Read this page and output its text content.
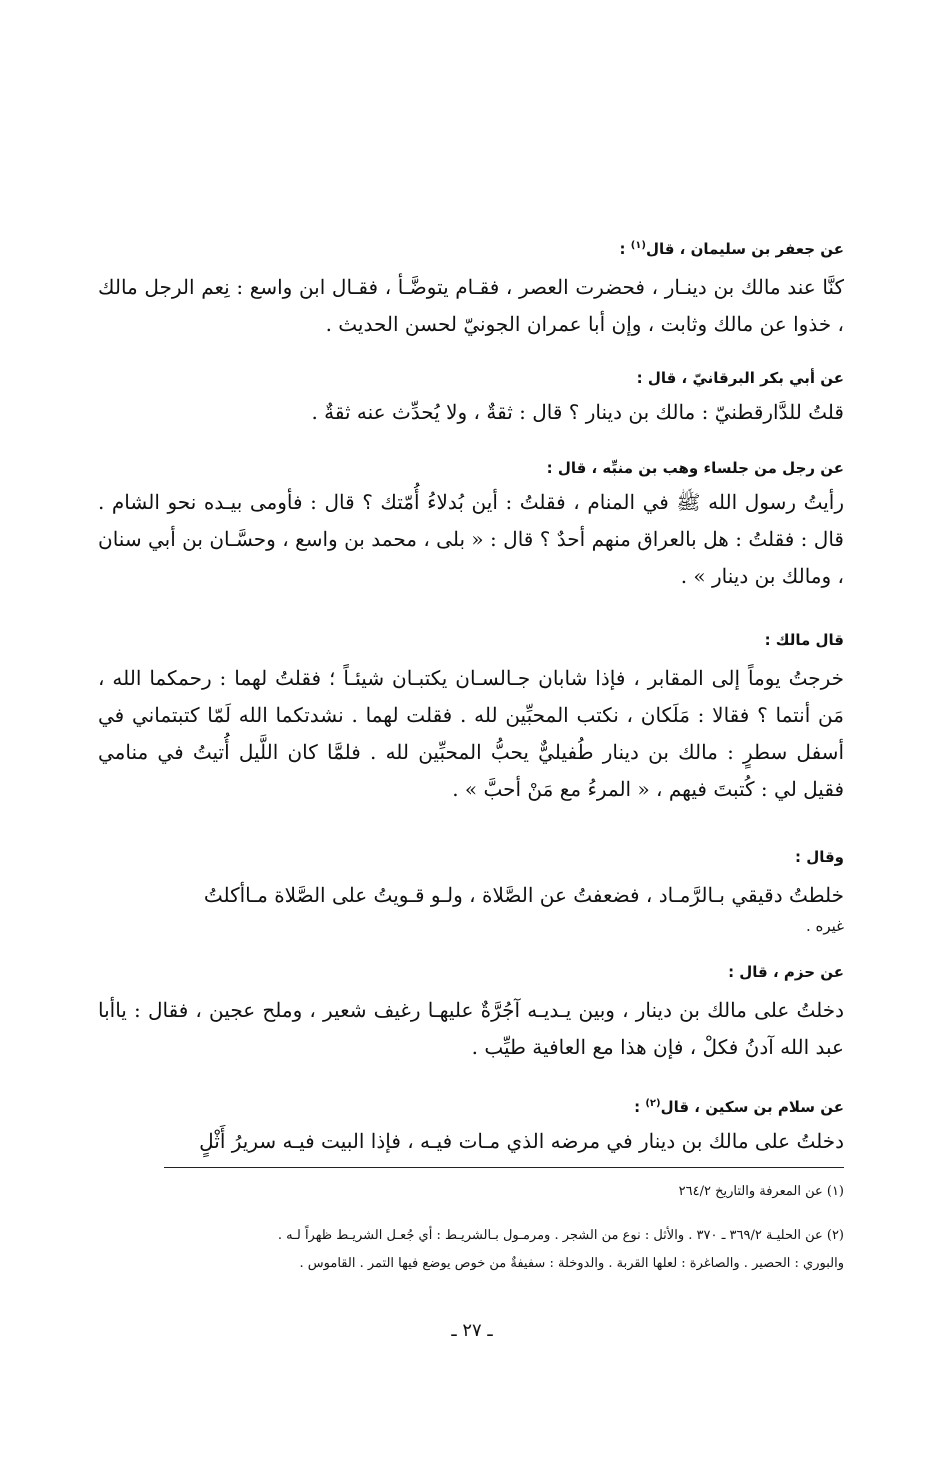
عن جعفر بن سليمان ، قال$^{(١)}$ :
كنَّا عند مالك بن دينـار ، فحضرت العصر ، فقـام يتوضَّـأ ، فقـال ابن واسع : نِعم الرجل مالك ، خذوا عن مالك وثابت ، وإن أبا عمران الجونيّ لحسن الحديث .
عن أبي بكر البرقانيّ ، قال :
قلتُ للدَّارقطنيّ : مالك بن دينار ؟ قال : ثقةٌ ، ولا يُحدِّث عنه ثقةٌ .
عن رجل من جلساء وهب بن منبِّه ، قال :
رأيتُ رسول الله ﷺ في المنام ، فقلتُ : أين بُدلاءُ أُمّتك ؟ قال : فأومى بيـده نحو الشام . قال : فقلتُ : هل بالعراق منهم أحدٌ ؟ قال : « بلى ، محمد بن واسع ، وحسَّـان بن أبي سنان ، ومالك بن دينار » .
قال مالك :
خرجتُ يوماً إلى المقابر ، فإذا شابان جـالسـان يكتبـان شيئـاً ؛ فقلتُ لهما : رحمكما الله ، مَن أنتما ؟ فقالا : مَلَكان ، نكتب المحبِّين لله . فقلت لهما . نشدتكما الله لَمّا كتبتماني في أسفل سطرٍ : مالك بن دينار طُفيليٌّ يحبُّ المحبِّين لله . فلمَّا كان اللَّيل أُتيتُ في منامي فقيل لي : كُتبتَ فيهم ، « المرءُ مع مَنْ أحبَّ » .
وقال :
خلطتُ دقيقي بـالرَّمـاد ، فضعفتُ عن الصَّلاة ، ولـو قـويتُ على الصَّلاة مـاأكلتُ
غيره .
عن حزم ، قال :
دخلتُ على مالك بن دينار ، وبين يـديـه آجُرَّةٌ عليهـا رغيف شعير ، وملح عجين ، فقال : ياأبا عبد الله آدنُ فكلْ ، فإن هذا مع العافية طيِّب .
عن سلام بن سكين ، قال$^{(٢)}$ :
دخلتُ على مالك بن دينار في مرضه الذي مـات فيـه ، فإذا البيت فيـه سريرُ أَثْلٍ
(١) عن المعرفة والتاريخ ٢٦٤/٢
(٢) عن الحليـة ٣٦٩/٢ ـ ٣٧٠ . والأثل : نوع من الشجر . ومرمـول بـالشريـط : أي جُعـل الشريـط ظهراً لـه .
والبوري : الحصير . والصاغرة : لعلها القربة . والدوخلة : سفيفةٌ من خوص يوضع فيها التمر . القاموس .
ـ ٢٧ ـ
